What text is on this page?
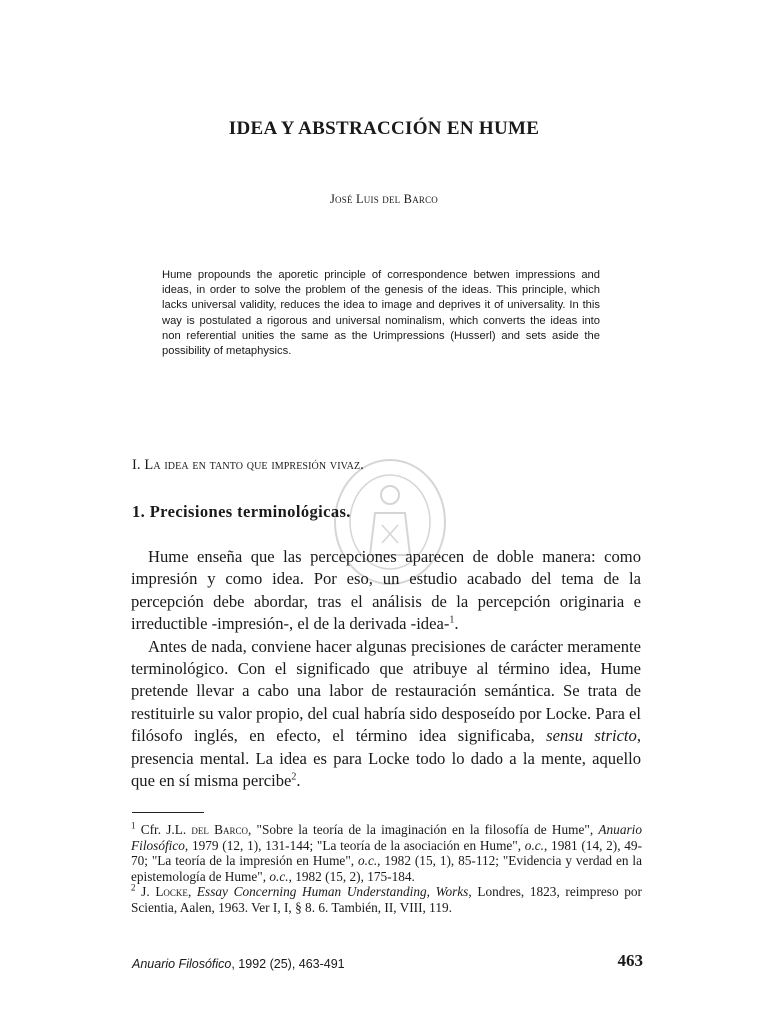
IDEA Y ABSTRACCIÓN EN HUME
José Luis del Barco
Hume propounds the aporetic principle of correspondence betwen impressions and ideas, in order to solve the problem of the genesis of the ideas. This principle, which lacks universal validity, reduces the idea to image and deprives it of universality. In this way is postulated a rigorous and universal nominalism, which converts the ideas into non referential unities the same as the Urimpressions (Husserl) and sets aside the possibility of metaphysics.
I. La idea en tanto que impresión vivaz.
1. Precisiones terminológicas.

Hume enseña que las percepciones aparecen de doble manera: como impresión y como idea. Por eso, un estudio acabado del tema de la percepción debe abordar, tras el análisis de la percepción originaria e irreductible -impresión-, el de la derivada -idea-$^1$.

Antes de nada, conviene hacer algunas precisiones de carácter meramente terminológico. Con el significado que atribuye al término idea, Hume pretende llevar a cabo una labor de restauración semántica. Se trata de restituirle su valor propio, del cual habría sido desposeído por Locke. Para el filósofo inglés, en efecto, el término idea significaba, sensu stricto, presencia mental. La idea es para Locke todo lo dado a la mente, aquello que en sí misma percibe$^2$.

$^1$ Cfr. J.L. del Barco, "Sobre la teoría de la imaginación en la filosofía de Hume", Anuario Filosófico, 1979 (12, 1), 131-144; "La teoría de la asociación en Hume", o.c., 1981 (14, 2), 49-70; "La teoría de la impresión en Hume", o.c., 1982 (15, 1), 85-112; "Evidencia y verdad en la epistemología de Hume", o.c., 1982 (15, 2), 175-184.

$^2$ J. Locke, Essay Concerning Human Understanding, Works, Londres, 1823, reimpreso por Scientia, Aalen, 1963. Ver I, I, § 8. 6. También, II, VIII, 119.

Anuario Filosófico, 1992 (25), 463-491	463
